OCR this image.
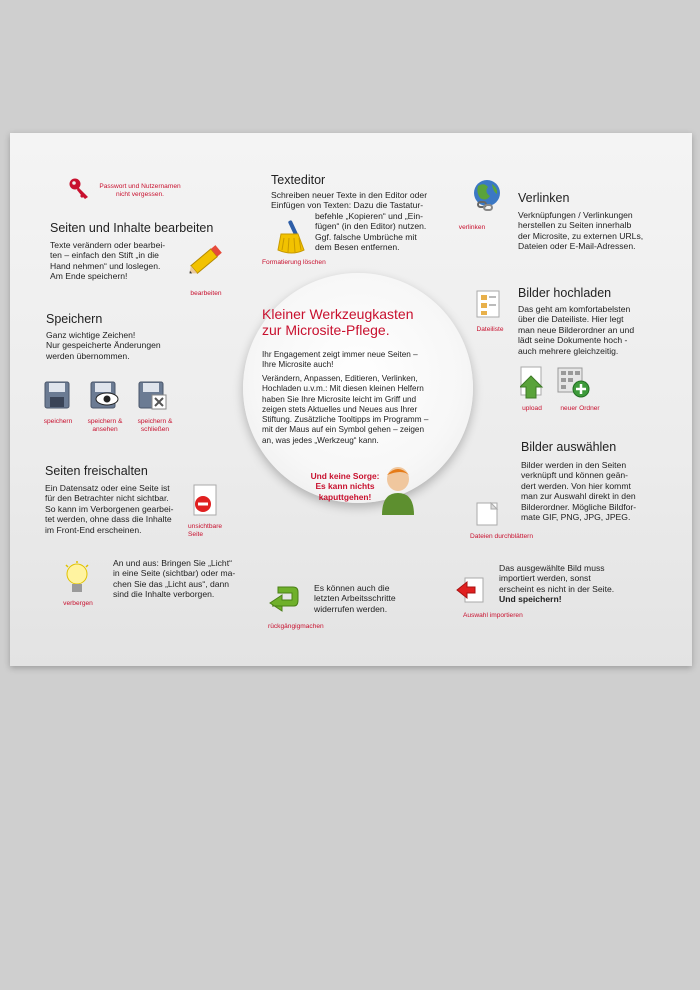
Passwort und Nutzernamen
nicht vergessen.
Texteditor
Schreiben neuer Texte in den Editor oder
Einfügen von Texten: Dazu die Tastatur-
befehle „Kopieren“ und „Ein-
fügen“ (in den Editor) nutzen.
Ggf. falsche Umbrüche mit
dem Besen entfernen.
Formatierung löschen
verlinken
Verlinken
Verknüpfungen / Verlinkungen
herstellen zu Seiten innerhalb
der Microsite, zu externen URLs,
Dateien oder E-Mail-Adressen.
Seiten und Inhalte bearbeiten
Texte verändern oder bearbei-
ten – einfach den Stift „in die
Hand nehmen“ und loslegen.
Am Ende speichern!
bearbeiten
Speichern
Ganz wichtige Zeichen!
Nur gespeicherte Änderungen
werden übernommen.
speichern	speichern &
ansehen
speichern &
schließen
Dateiliste
Bilder hochladen
Das geht am komfortabelsten
über die Dateiliste. Hier legt
man neue Bilderordner an und
lädt seine Dokumente hoch -
auch mehrere gleichzeitig.
upload	neuer Ordner
Kleiner Werkzeugkasten
zur Microsite-Pflege.
Ihr Engagement zeigt immer neue Seiten –
Ihre Microsite auch!
Verändern, Anpassen, Editieren, Verlinken,
Hochladen u.v.m.: Mit diesen kleinen Helfern
haben Sie Ihre Microsite leicht im Griff und
zeigen stets Aktuelles und Neues aus Ihrer
Stiftung. Zusätzliche Tooltipps im Programm –
mit der Maus auf ein Symbol gehen – zeigen
an, was jedes „Werkzeug“ kann.
Und keine Sorge:
Es kann nichts
kaputtgehen!
Bilder auswählen
Bilder werden in den Seiten
verknüpft und können geän-
dert werden. Von hier kommt
man zur Auswahl direkt in den
Bilderordner. Mögliche Bildfor-
mate GIF, PNG, JPG, JPEG.
Dateien durchblättern
Seiten freischalten
Ein Datensatz oder eine Seite ist
für den Betrachter nicht sichtbar.
So kann im Verborgenen gearbei-
tet werden, ohne dass die Inhalte
im Front-End erscheinen.	unsichtbare
Seite
verbergen
An und aus: Bringen Sie „Licht“
in eine Seite (sichtbar) oder ma-
chen Sie das „Licht aus“, dann
sind die Inhalte verborgen.
Es können auch die
letzten Arbeitsschritte
widerrufen werden.
rückgängigmachen
Das ausgewählte Bild muss
importiert werden, sonst
erscheint es nicht in der Seite.
Und speichern!
Auswahl importieren
